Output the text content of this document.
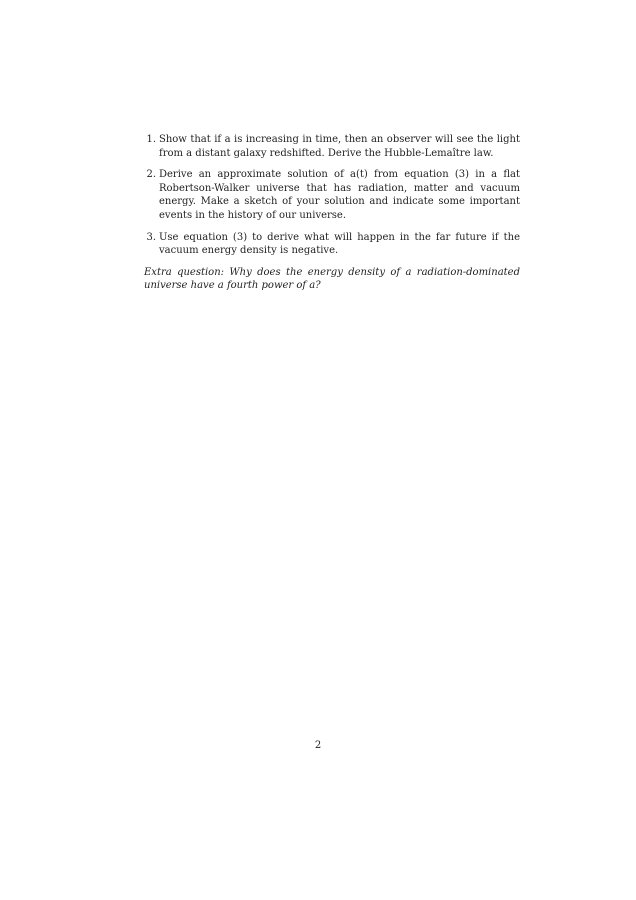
1. Show that if a is increasing in time, then an observer will see the light from a distant galaxy redshifted. Derive the Hubble-Lemaître law.
2. Derive an approximate solution of a(t) from equation (3) in a flat Robertson-Walker universe that has radiation, matter and vacuum energy. Make a sketch of your solution and indicate some important events in the history of our universe.
3. Use equation (3) to derive what will happen in the far future if the vacuum energy density is negative.

Extra question: Why does the energy density of a radiation-dominated universe have a fourth power of a?

2
